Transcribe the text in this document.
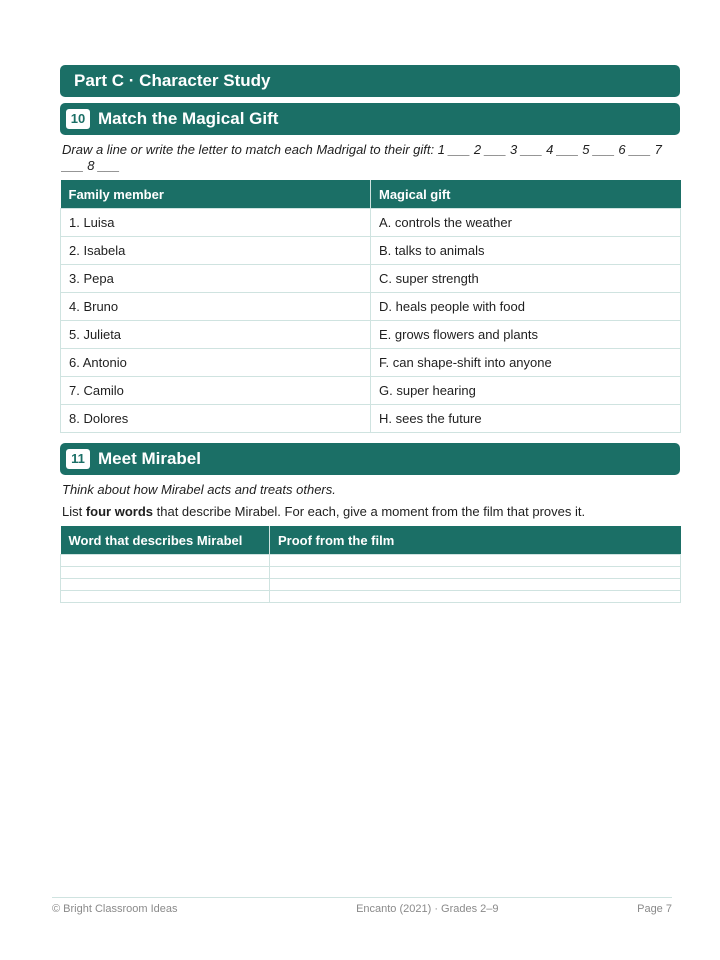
Part C · Character Study
10 Match the Magical Gift
Draw a line or write the letter to match each Madrigal to their gift: 1 ___ 2 ___ 3 ___ 4 ___ 5 ___ 6 ___ 7 ___ 8 ___
Family member	Magical gift
1. Luisa	A. controls the weather
2. Isabela	B. talks to animals
3. Pepa	C. super strength
4. Bruno	D. heals people with food
5. Julieta	E. grows flowers and plants
6. Antonio	F. can shape-shift into anyone
7. Camilo	G. super hearing
8. Dolores	H. sees the future
11 Meet Mirabel
Think about how Mirabel acts and treats others.
List four words that describe Mirabel. For each, give a moment from the film that proves it.
Word that describes Mirabel	Proof from the film

© Bright Classroom Ideas	Encanto (2021) · Grades 2–9	Page 7
